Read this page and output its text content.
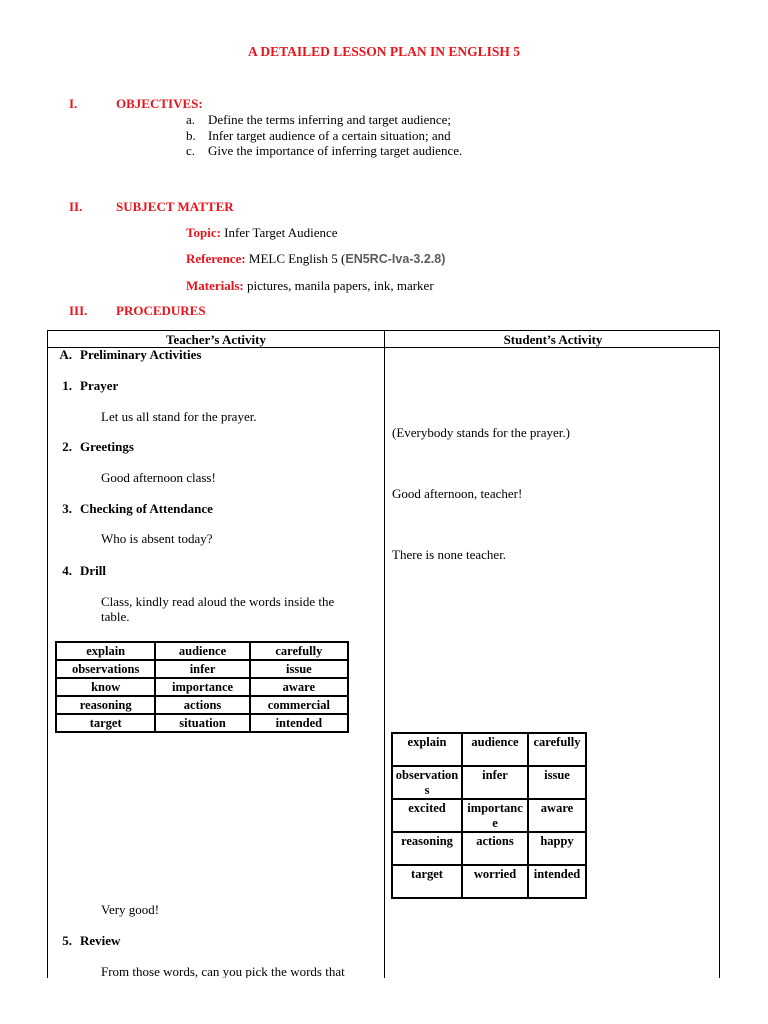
A DETAILED LESSON PLAN IN ENGLISH 5
I.	OBJECTIVES:
a. Define the terms inferring and target audience;
b. Infer target audience of a certain situation; and
c. Give the importance of inferring target audience.
II.	SUBJECT MATTER
Topic: Infer Target Audience
Reference: MELC English 5 (EN5RC-Iva-3.2.8)
Materials: pictures, manila papers, ink, marker
III. PROCEDURES
Teacher’s Activity	Student’s Activity
A. Preliminary Activities
1. Prayer
Let us all stand for the prayer.
2. Greetings
Good afternoon class!
3. Checking of Attendance
Who is absent today?
4. Drill
Class, kindly read aloud the words inside the
table.
explain	audience	carefully
observations	infer	issue
know	importance	aware
reasoning	actions	commercial
target	situation	intended
Very good!
5. Review
From those words, can you pick the words that
(Everybody stands for the prayer.)
Good afternoon, teacher!
There is none teacher.
explain	audience	carefully
observations	infer	issue
excited	importance	aware
reasoning	actions	happy
target	worried	intended
